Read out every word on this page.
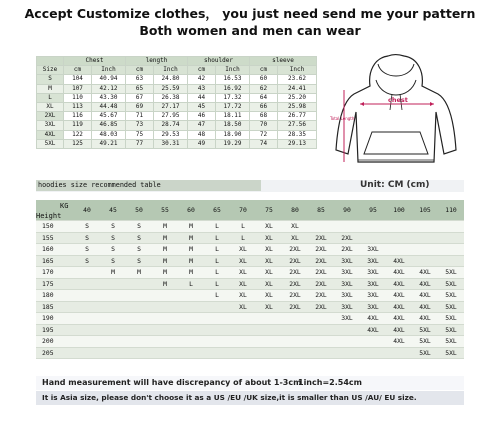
Accept Customize clothes， you just need send me your pattern
Both women and men can wear
	Chest		length		shoulder		sleeve	
Size	cm	Inch	cm	Inch	cm	Inch	cm	Inch
S	104	40.94	63	24.80	42	16.53	60	23.62
M	107	42.12	65	25.59	43	16.92	62	24.41
L	110	43.30	67	26.38	44	17.32	64	25.20
XL	113	44.48	69	27.17	45	17.72	66	25.98
2XL	116	45.67	71	27.95	46	18.11	68	26.77
3XL	119	46.85	73	28.74	47	18.50	70	27.56
4XL	122	48.03	75	29.53	48	18.90	72	28.35
5XL	125	49.21	77	30.31	49	19.29	74	29.13
chest
Total Length
hoodies size recommended table	Unit: CM (cm)
KG
Height	40	45	50	55	60	65	70	75	80	85	90	95	100	105	110
150	S	S	S	M	M	L	L	XL	XL						
155	S	S	S	M	M	L	L	XL	XL	2XL	2XL				
160	S	S	S	M	M	L	XL	XL	2XL	2XL	2XL	3XL			
165	S	S	S	M	M	L	XL	XL	2XL	2XL	3XL	3XL	4XL		
170		M	M	M	M	L	XL	XL	2XL	2XL	3XL	3XL	4XL	4XL	5XL
175				M	L	L	XL	XL	2XL	2XL	3XL	3XL	4XL	4XL	5XL
180						L	XL	XL	2XL	2XL	3XL	3XL	4XL	4XL	5XL
185							XL	XL	2XL	2XL	3XL	3XL	4XL	4XL	5XL
190											3XL	4XL	4XL	4XL	5XL
195												4XL	4XL	5XL	5XL
200													4XL	5XL	5XL
205														5XL	5XL
Hand measurement will have discrepancy of about 1-3cm
1inch=2.54cm
It is Asia size, please don't choose it as a US /EU /UK size,it is smaller than US /AU/ EU size.
